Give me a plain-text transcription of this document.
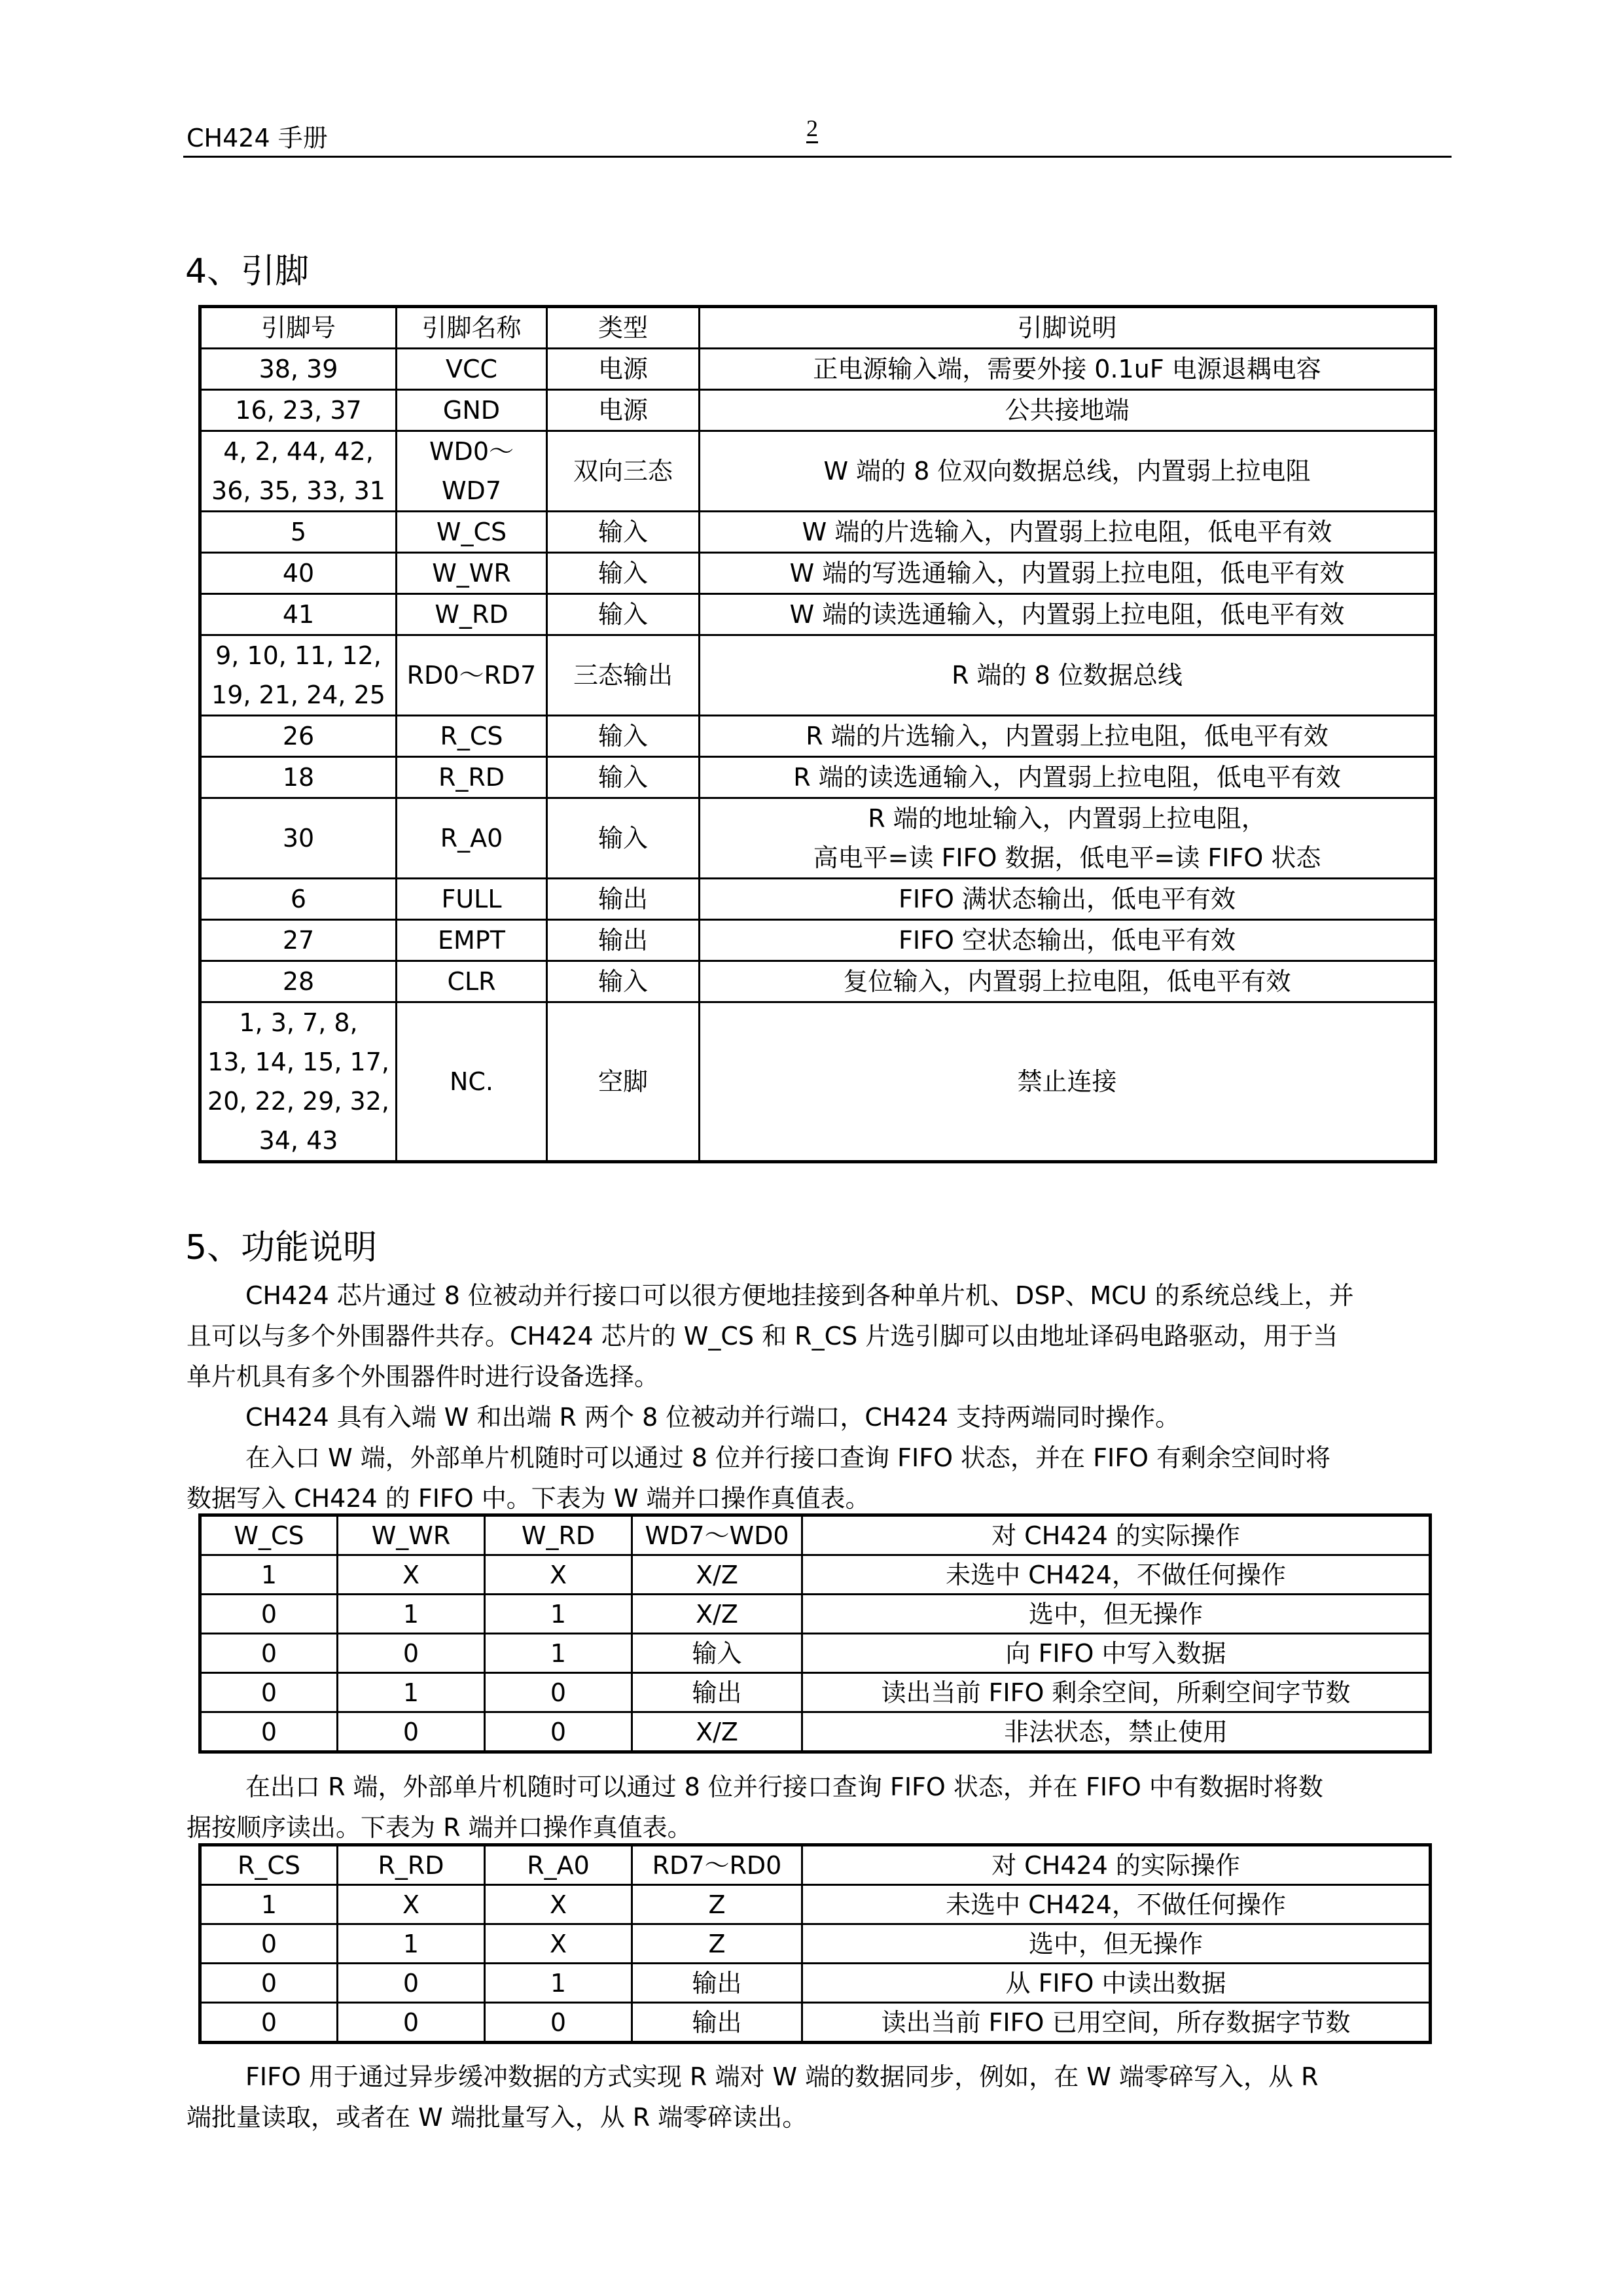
CH424 手册	2
4、引脚
引脚号	引脚名称	类型	引脚说明

38, 39	VCC	电源	正电源输入端，需要外接 0.1uF 电源退耦电容

16, 23, 37	GND	电源	公共接地端

4, 2, 44, 42,
36, 35, 33, 31	WD0～WD7	双向三态	W 端的 8 位双向数据总线，内置弱上拉电阻

5	W_CS	输入	W 端的片选输入，内置弱上拉电阻，低电平有效

40	W_WR	输入	W 端的写选通输入，内置弱上拉电阻，低电平有效

41	W_RD	输入	W 端的读选通输入，内置弱上拉电阻，低电平有效

9, 10, 11, 12,
19, 21, 24, 25	RD0～RD7	三态输出	R 端的 8 位数据总线

26	R_CS	输入	R 端的片选输入，内置弱上拉电阻，低电平有效

18	R_RD	输入	R 端的读选通输入，内置弱上拉电阻，低电平有效

30	R_A0	输入	R 端的地址输入，内置弱上拉电阻，
高电平=读 FIFO 数据，低电平=读 FIFO 状态

6	FULL	输出	FIFO 满状态输出，低电平有效

27	EMPT	输出	FIFO 空状态输出，低电平有效

28	CLR	输入	复位输入，内置弱上拉电阻，低电平有效

1, 3, 7, 8,
13, 14, 15, 17,
20, 22, 29, 32,
34, 43	NC.	空脚	禁止连接
5、功能说明
CH424 芯片通过 8 位被动并行接口可以很方便地挂接到各种单片机、DSP、MCU 的系统总线上，并
且可以与多个外围器件共存。CH424 芯片的 W_CS 和 R_CS 片选引脚可以由地址译码电路驱动，用于当
单片机具有多个外围器件时进行设备选择。
CH424 具有入端 W 和出端 R 两个 8 位被动并行端口，CH424 支持两端同时操作。
在入口 W 端，外部单片机随时可以通过 8 位并行接口查询 FIFO 状态，并在 FIFO 有剩余空间时将
数据写入 CH424 的 FIFO 中。下表为 W 端并口操作真值表。
W_CS	W_WR	W_RD	WD7～WD0	对 CH424 的实际操作
1	X	X	X/Z	未选中 CH424，不做任何操作
0	1	1	X/Z	选中，但无操作
0	0	1	输入	向 FIFO 中写入数据
0	1	0	输出	读出当前 FIFO 剩余空间，所剩空间字节数
0	0	0	X/Z	非法状态，禁止使用
在出口 R 端，外部单片机随时可以通过 8 位并行接口查询 FIFO 状态，并在 FIFO 中有数据时将数
据按顺序读出。下表为 R 端并口操作真值表。
R_CS	R_RD	R_A0	RD7～RD0	对 CH424 的实际操作
1	X	X	Z	未选中 CH424，不做任何操作
0	1	X	Z	选中，但无操作
0	0	1	输出	从 FIFO 中读出数据
0	0	0	输出	读出当前 FIFO 已用空间，所存数据字节数
FIFO 用于通过异步缓冲数据的方式实现 R 端对 W 端的数据同步，例如，在 W 端零碎写入，从 R
端批量读取，或者在 W 端批量写入，从 R 端零碎读出。
